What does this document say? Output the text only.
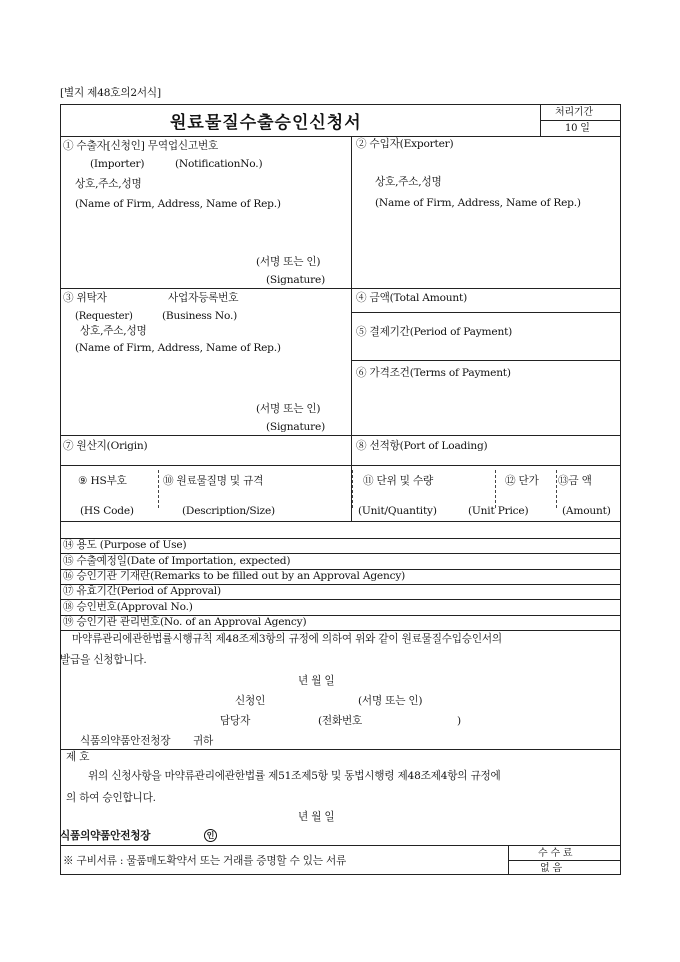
[별지 제48호의2서식]
원료물질수출승인신청서
처리기간
10 일
① 수출자[신청인] 무역업신고번호
(Importer)	(NotificationNo.)
상호,주소,성명
(Name of Firm, Address, Name of Rep.)
(서명 또는 인)
(Signature)
② 수입자(Exporter)
상호,주소,성명
(Name of Firm, Address, Name of Rep.)
③ 위탁자	사업자등록번호
(Requester)	(Business No.)
상호,주소,성명
(Name of Firm, Address, Name of Rep.)
(서명 또는 인)
(Signature)
④ 금액(Total Amount)
⑤ 결제기간(Period of Payment)
⑥ 가격조건(Terms of Payment)
⑦ 원산지(Origin)	⑧ 선적항(Port of Loading)
⑨ HS부호
(HS Code)
⑩ 원료물질명 및 규격
(Description/Size)
⑪ 단위 및 수량
(Unit/Quantity)
⑫ 단가
(Unit Price)
⑬금 액
(Amount)
⑭ 용도 (Purpose of Use)
⑮ 수출예정일(Date of Importation, expected)
⑯ 승인기관 기재란(Remarks to be filled out by an Approval Agency)
⑰ 유효기간(Period of Approval)
⑱ 승인번호(Approval No.)
⑲ 승인기관 관리번호(No. of an Approval Agency)
마약류관리에관한법률시행규칙 제48조제3항의 규정에 의하여 위와 같이 원료물질수입승인서의
발급을 신청합니다.
년 월 일
신청인	(서명 또는 인)
담당자	(전화번호	)
식품의약품안전청장 귀하
제 호
위의 신청사항을 마약류관리에관한법률 제51조제5항 및 동법시행령 제48조제4항의 규정에
의 하여 승인합니다.
년 월 일
식품의약품안전청장	인
※ 구비서류 : 물품매도확약서 또는 거래를 증명할 수 있는 서류
수 수 료
없 음
